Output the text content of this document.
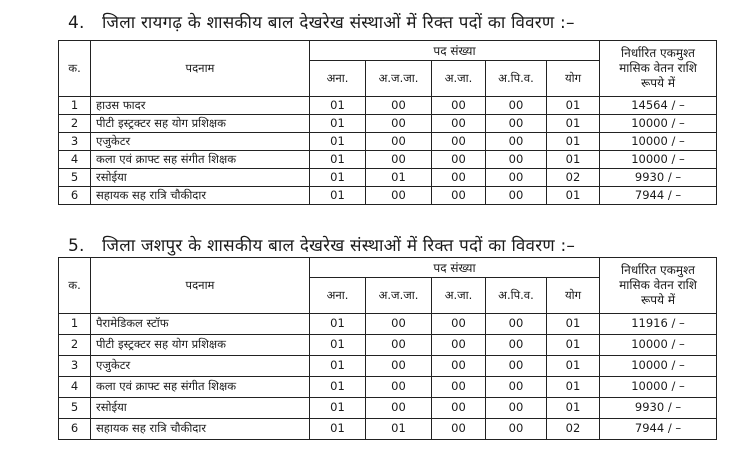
4. जिला रायगढ़ के शासकीय बाल देखरेख संस्थाओं में रिक्त पदों का विवरण :–
क.	पदनाम	पद संख्या					निर्धारित एकमुश्त
मासिक वेतन राशि
रूपये में
		अना.	अ.ज.जा.	अ.जा.	अ.पि.व.	योग	
1	हाउस फादर	01	00	00	00	01	14564 / –
2	पीटी इस्ट्रक्टर सह योग प्रशिक्षक	01	00	00	00	01	10000 / –
3	एजुकेटर	01	00	00	00	01	10000 / –
4	कला एवं क्राफ्ट सह संगीत शिक्षक	01	00	00	00	01	10000 / –
5	रसोईया	01	01	00	00	02	9930 / –
6	सहायक सह रात्रि चौकीदार	01	00	00	00	01	7944 / –
5. जिला जशपुर के शासकीय बाल देखरेख संस्थाओं में रिक्त पदों का विवरण :–
क.	पदनाम	पद संख्या					निर्धारित एकमुश्त
मासिक वेतन राशि
रूपये में
		अना.	अ.ज.जा.	अ.जा.	अ.पि.व.	योग	
1	पैरामेडिकल स्टॉफ	01	00	00	00	01	11916 / –
2	पीटी इस्ट्रक्टर सह योग प्रशिक्षक	01	00	00	00	01	10000 / –
3	एजुकेटर	01	00	00	00	01	10000 / –
4	कला एवं क्राफ्ट सह संगीत शिक्षक	01	00	00	00	01	10000 / –
5	रसोईया	01	00	00	00	01	9930 / –
6	सहायक सह रात्रि चौकीदार	01	01	00	00	02	7944 / –
